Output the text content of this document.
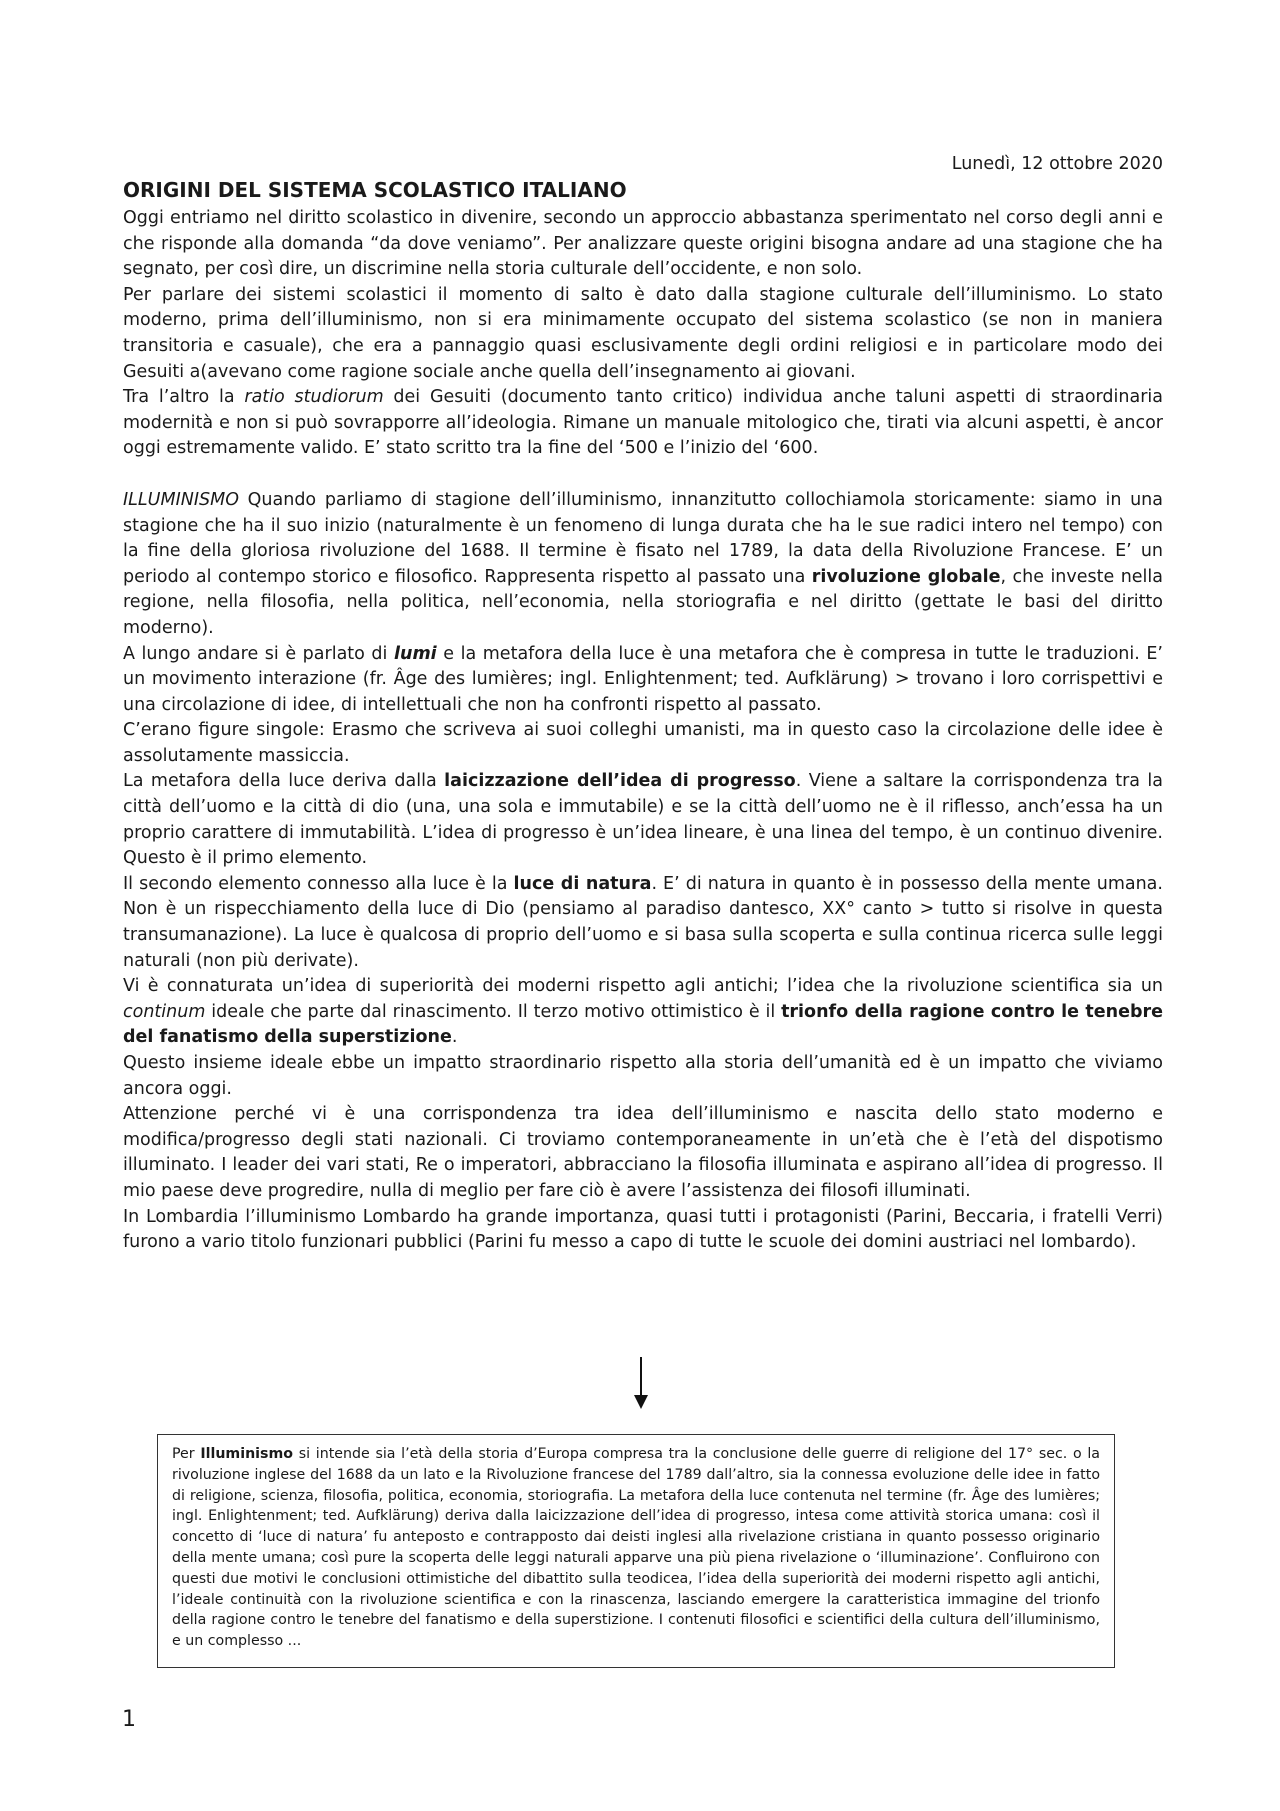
Lunedì, 12 ottobre 2020
ORIGINI DEL SISTEMA SCOLASTICO ITALIANO

Oggi entriamo nel diritto scolastico in divenire, secondo un approccio abbastanza sperimentato nel corso degli anni e che risponde alla domanda “da dove veniamo”. Per analizzare queste origini bisogna andare ad una stagione che ha segnato, per così dire, un discrimine nella storia culturale dell’occidente, e non solo.

Per parlare dei sistemi scolastici il momento di salto è dato dalla stagione culturale dell’illuminismo. Lo stato moderno, prima dell’illuminismo, non si era minimamente occupato del sistema scolastico (se non in maniera transitoria e casuale), che era a pannaggio quasi esclusivamente degli ordini religiosi e in particolare modo dei Gesuiti a(avevano come ragione sociale anche quella dell’insegnamento ai giovani.

Tra l’altro la ratio studiorum dei Gesuiti (documento tanto critico) individua anche taluni aspetti di straordinaria modernità e non si può sovrapporre all’ideologia. Rimane un manuale mitologico che, tirati via alcuni aspetti, è ancor oggi estremamente valido. E’ stato scritto tra la fine del ‘500 e l’inizio del ‘600.

ILLUMINISMO Quando parliamo di stagione dell’illuminismo, innanzitutto collochiamola storicamente: siamo in una stagione che ha il suo inizio (naturalmente è un fenomeno di lunga durata che ha le sue radici intero nel tempo) con la fine della gloriosa rivoluzione del 1688. Il termine è fisato nel 1789, la data della Rivoluzione Francese. E’ un periodo al contempo storico e filosofico. Rappresenta rispetto al passato una rivoluzione globale, che investe nella regione, nella filosofia, nella politica, nell’economia, nella storiografia e nel diritto (gettate le basi del diritto moderno).

A lungo andare si è parlato di lumi e la metafora della luce è una metafora che è compresa in tutte le traduzioni. E’ un movimento interazione (fr. Âge des lumières; ingl. Enlightenment; ted. Aufklärung) > trovano i loro corrispettivi e una circolazione di idee, di intellettuali che non ha confronti rispetto al passato.

C’erano figure singole: Erasmo che scriveva ai suoi colleghi umanisti, ma in questo caso la circolazione delle idee è assolutamente massiccia.

La metafora della luce deriva dalla laicizzazione dell’idea di progresso. Viene a saltare la corrispondenza tra la città dell’uomo e la città di dio (una, una sola e immutabile) e se la città dell’uomo ne è il riflesso, anch’essa ha un proprio carattere di immutabilità. L’idea di progresso è un’idea lineare, è una linea del tempo, è un continuo divenire. Questo è il primo elemento.

Il secondo elemento connesso alla luce è la luce di natura. E’ di natura in quanto è in possesso della mente umana. Non è un rispecchiamento della luce di Dio (pensiamo al paradiso dantesco, XX° canto > tutto si risolve in questa transumanazione). La luce è qualcosa di proprio dell’uomo e si basa sulla scoperta e sulla continua ricerca sulle leggi naturali (non più derivate).

Vi è connaturata un’idea di superiorità dei moderni rispetto agli antichi; l’idea che la rivoluzione scientifica sia un continum ideale che parte dal rinascimento. Il terzo motivo ottimistico è il trionfo della ragione contro le tenebre del fanatismo della superstizione.

Questo insieme ideale ebbe un impatto straordinario rispetto alla storia dell’umanità ed è un impatto che viviamo ancora oggi.

Attenzione perché vi è una corrispondenza tra idea dell’illuminismo e nascita dello stato moderno e modifica/progresso degli stati nazionali. Ci troviamo contemporaneamente in un’età che è l’età del dispotismo illuminato. I leader dei vari stati, Re o imperatori, abbracciano la filosofia illuminata e aspirano all’idea di progresso. Il mio paese deve progredire, nulla di meglio per fare ciò è avere l’assistenza dei filosofi illuminati.

In Lombardia l’illuminismo Lombardo ha grande importanza, quasi tutti i protagonisti (Parini, Beccaria, i fratelli Verri) furono a vario titolo funzionari pubblici (Parini fu messo a capo di tutte le scuole dei domini austriaci nel lombardo).

Per Illuminismo si intende sia l’età della storia d’Europa compresa tra la conclusione delle guerre di religione del 17° sec. o la rivoluzione inglese del 1688 da un lato e la Rivoluzione francese del 1789 dall’altro, sia la connessa evoluzione delle idee in fatto di religione, scienza, filosofia, politica, economia, storiografia. La metafora della luce contenuta nel termine (fr. Âge des lumières; ingl. Enlightenment; ted. Aufklärung) deriva dalla laicizzazione dell’idea di progresso, intesa come attività storica umana: così il concetto di ‘luce di natura’ fu anteposto e contrapposto dai deisti inglesi alla rivelazione cristiana in quanto possesso originario della mente umana; così pure la scoperta delle leggi naturali apparve una più piena rivelazione o ‘illuminazione’. Confluirono con questi due motivi le conclusioni ottimistiche del dibattito sulla teodicea, l’idea della superiorità dei moderni rispetto agli antichi, l’ideale continuità con la rivoluzione scientifica e con la rinascenza, lasciando emergere la caratteristica immagine del trionfo della ragione contro le tenebre del fanatismo e della superstizione. I contenuti filosofici e scientifici della cultura dell’illuminismo, e un complesso ...

1
